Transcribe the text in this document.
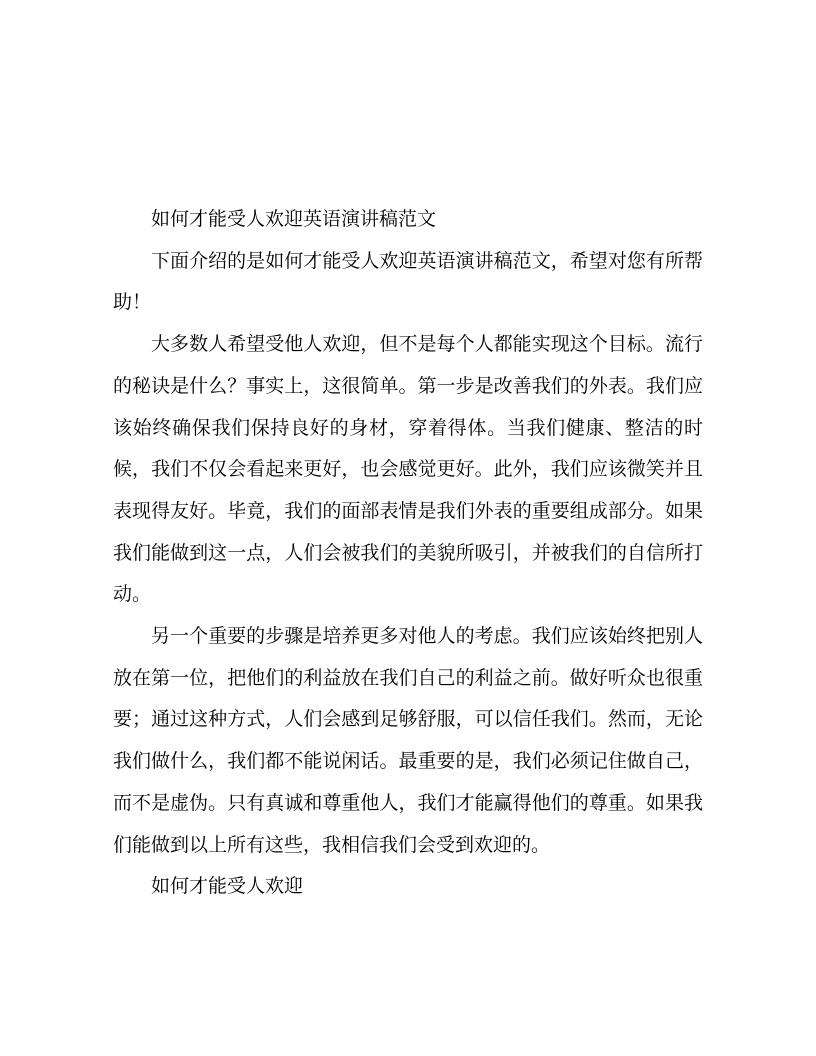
如何才能受人欢迎英语演讲稿范文

下面介绍的是如何才能受人欢迎英语演讲稿范文，希望对您有所帮助！

大多数人希望受他人欢迎，但不是每个人都能实现这个目标。流行的秘诀是什么？事实上，这很简单。第一步是改善我们的外表。我们应该始终确保我们保持良好的身材，穿着得体。当我们健康、整洁的时候，我们不仅会看起来更好，也会感觉更好。此外，我们应该微笑并且表现得友好。毕竟，我们的面部表情是我们外表的重要组成部分。如果我们能做到这一点，人们会被我们的美貌所吸引，并被我们的自信所打动。

另一个重要的步骤是培养更多对他人的考虑。我们应该始终把别人放在第一位，把他们的利益放在我们自己的利益之前。做好听众也很重要；通过这种方式，人们会感到足够舒服，可以信任我们。然而，无论我们做什么，我们都不能说闲话。最重要的是，我们必须记住做自己，而不是虚伪。只有真诚和尊重他人，我们才能赢得他们的尊重。如果我们能做到以上所有这些，我相信我们会受到欢迎的。

如何才能受人欢迎
